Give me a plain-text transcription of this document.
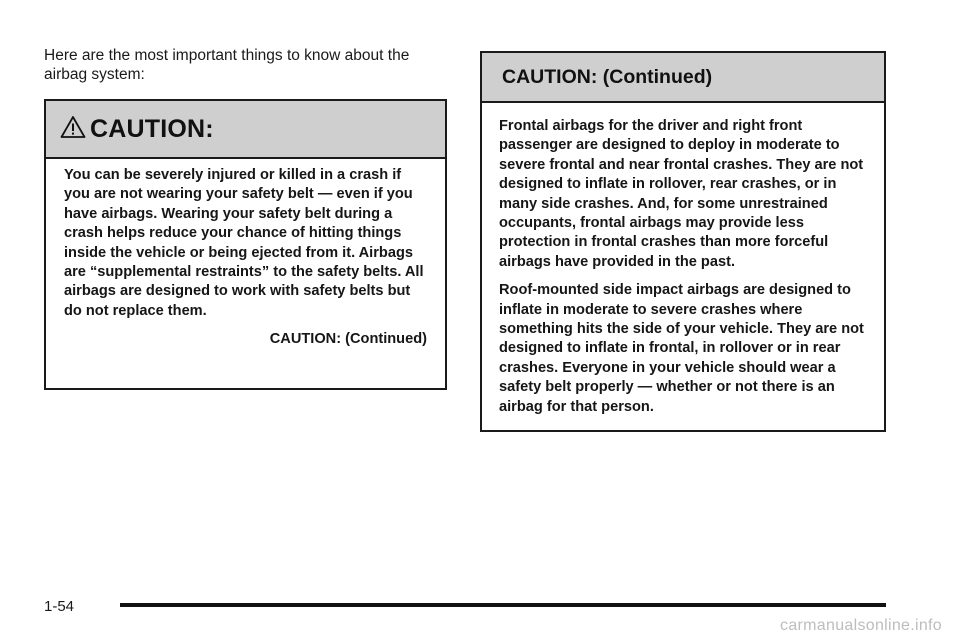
Here are the most important things to know about the airbag system:
CAUTION:

You can be severely injured or killed in a crash if you are not wearing your safety belt — even if you have airbags. Wearing your safety belt during a crash helps reduce your chance of hitting things inside the vehicle or being ejected from it. Airbags are “supplemental restraints” to the safety belts. All airbags are designed to work with safety belts but do not replace them.

CAUTION: (Continued)
CAUTION: (Continued)

Frontal airbags for the driver and right front passenger are designed to deploy in moderate to severe frontal and near frontal crashes. They are not designed to inflate in rollover, rear crashes, or in many side crashes. And, for some unrestrained occupants, frontal airbags may provide less protection in frontal crashes than more forceful airbags have provided in the past.

Roof-mounted side impact airbags are designed to inflate in moderate to severe crashes where something hits the side of your vehicle. They are not designed to inflate in frontal, in rollover or in rear crashes. Everyone in your vehicle should wear a safety belt properly — whether or not there is an airbag for that person.

1-54
carmanualsonline.info
